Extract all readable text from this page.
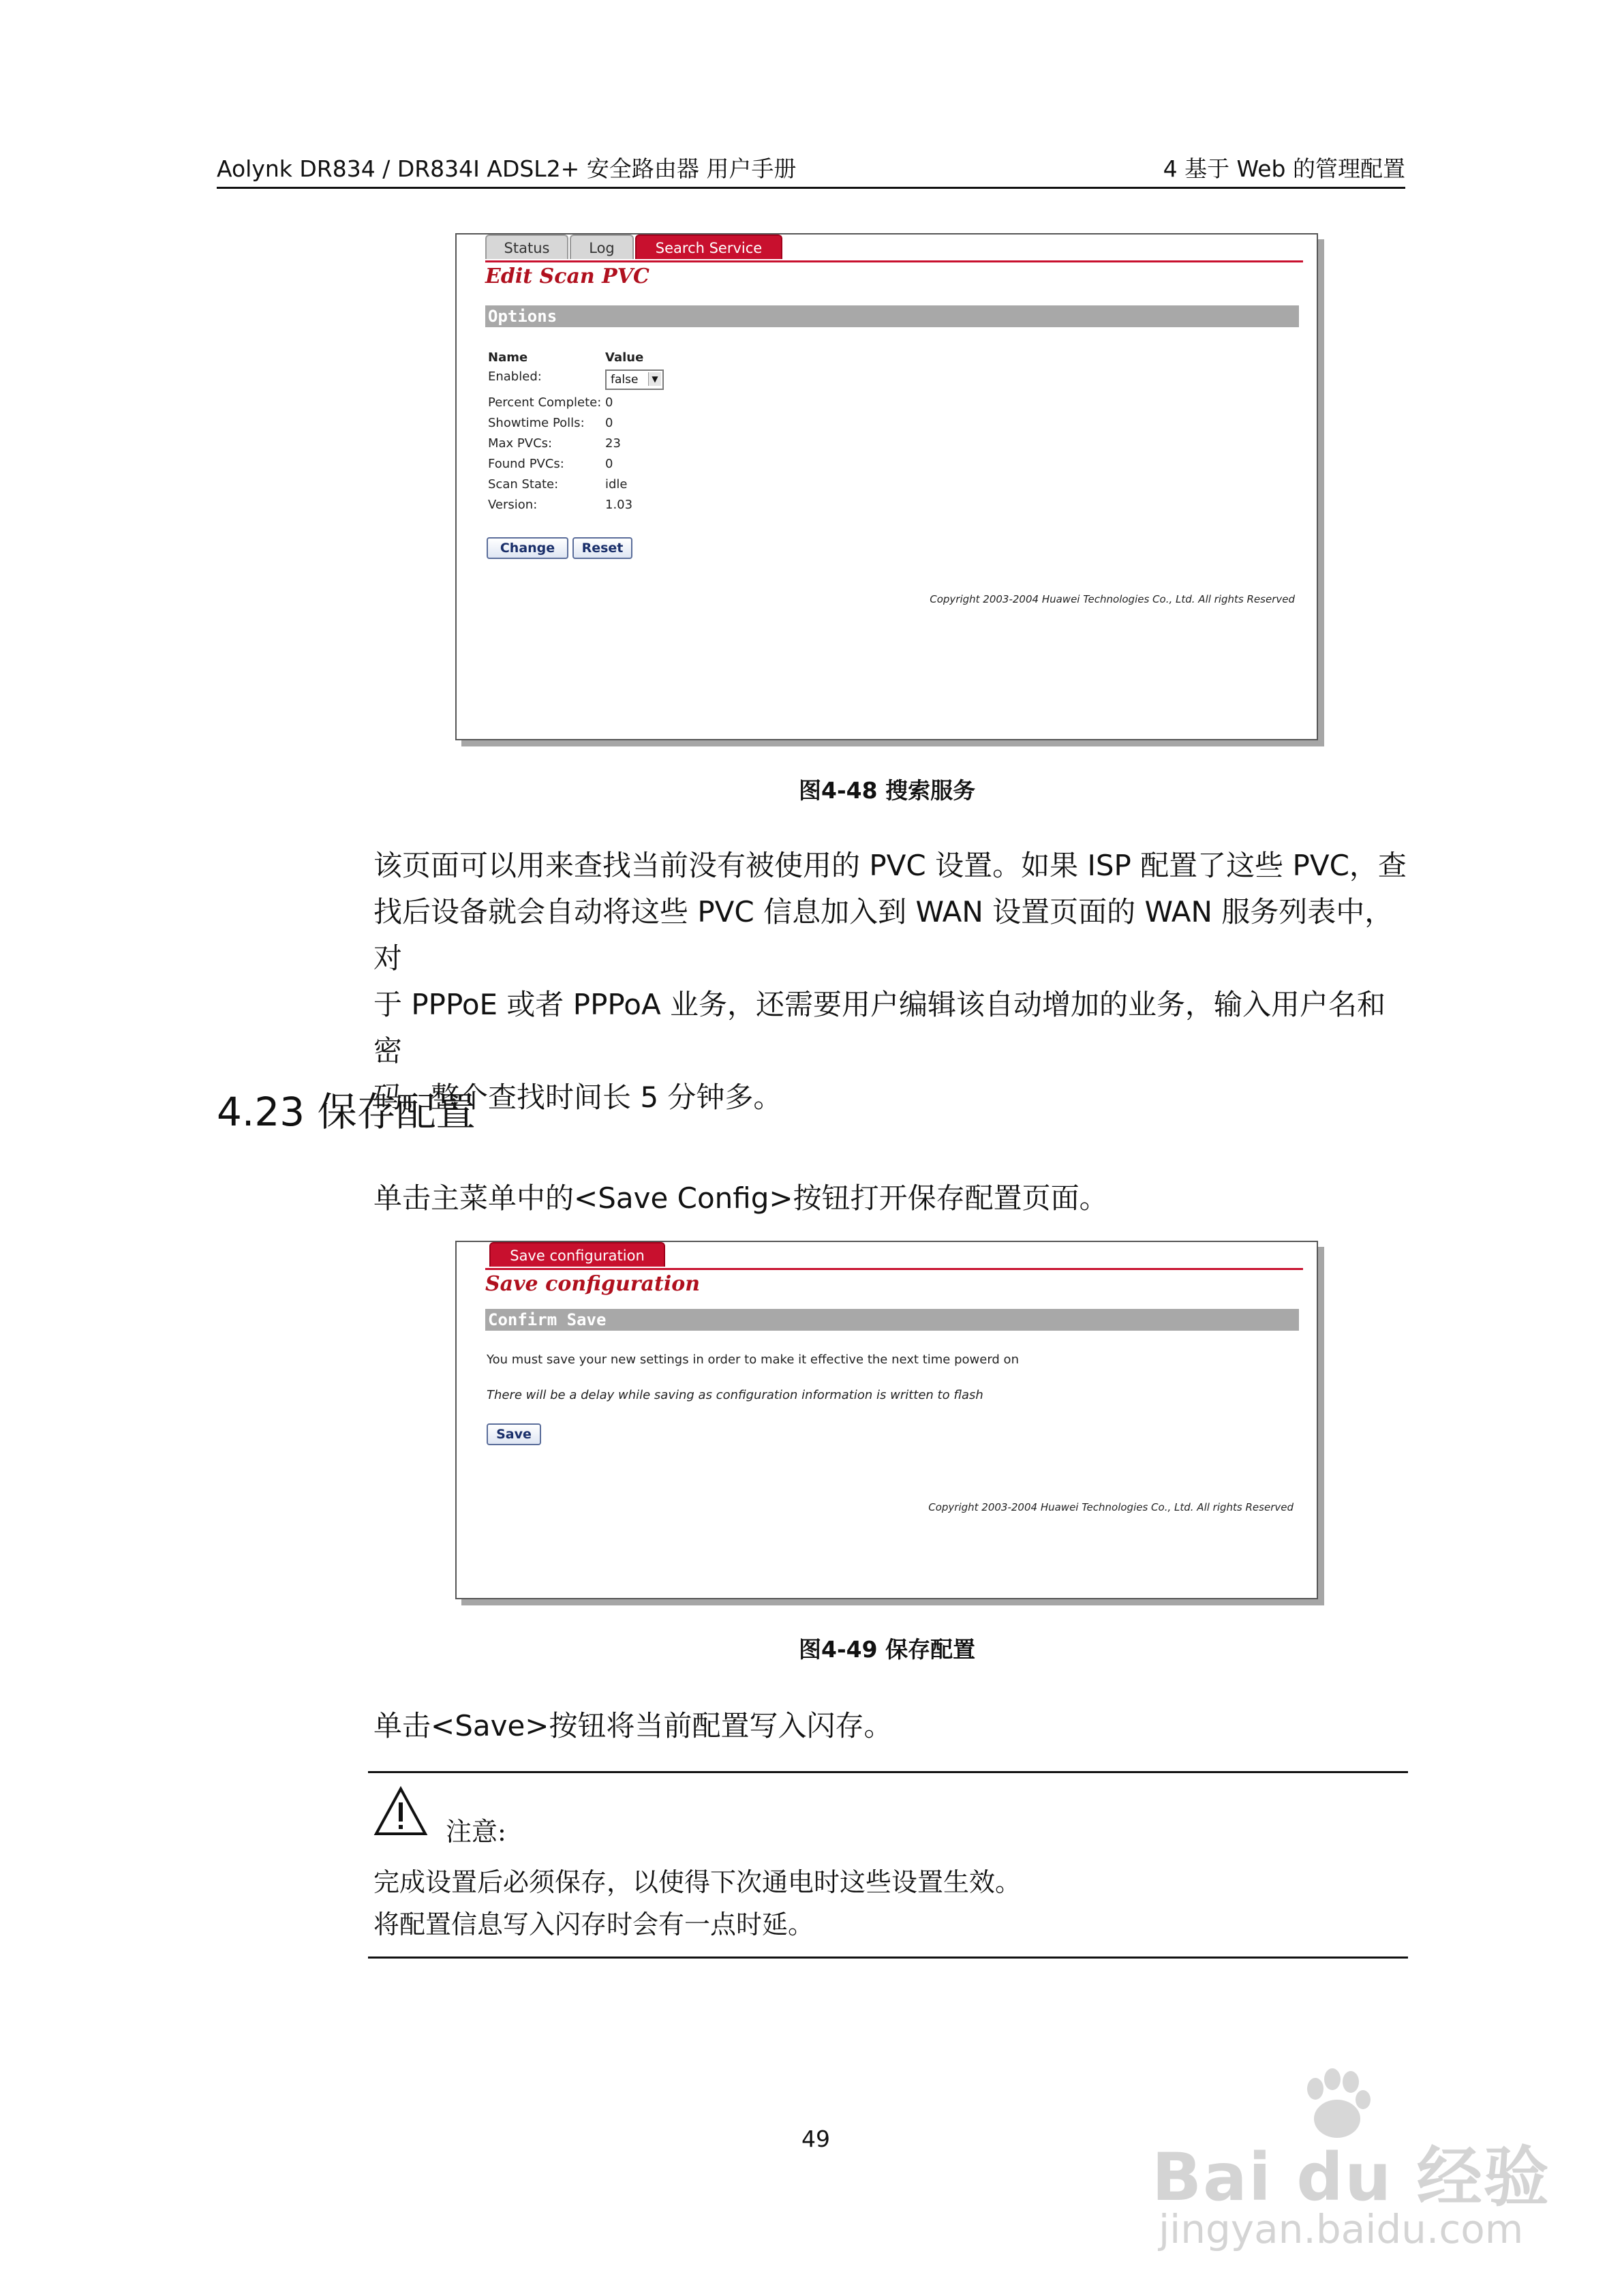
Aolynk DR834 / DR834I ADSL2+ 安全路由器 用户手册	4 基于 Web 的管理配置
Status	Log	Search Service
Edit Scan PVC
Options
Name	Value
Enabled:	false	▼
Percent Complete: 0
Showtime Polls: 0
Max PVCs:	23
Found PVCs:	0
Scan State:	idle
Version:	1.03
Change	Reset
Copyright 2003-2004 Huawei Technologies Co., Ltd. All rights Reserved
图4-48 搜索服务
该页面可以用来查找当前没有被使用的 PVC 设置。如果 ISP 配置了这些 PVC，查
找后设备就会自动将这些 PVC 信息加入到 WAN 设置页面的 WAN 服务列表中，对
于 PPPoE 或者 PPPoA 业务，还需要用户编辑该自动增加的业务，输入用户名和密
码。整个查找时间长 5 分钟多。
4.23 保存配置
单击主菜单中的<Save Config>按钮打开保存配置页面。
Save configuration
Save configuration
Confirm Save
You must save your new settings in order to make it effective the next time powerd on
There will be a delay while saving as configuration information is written to flash
Save
Copyright 2003-2004 Huawei Technologies Co., Ltd. All rights Reserved
图4-49 保存配置
单击<Save>按钮将当前配置写入闪存。
注意:
完成设置后必须保存，以使得下次通电时这些设置生效。
将配置信息写入闪存时会有一点时延。
49
Bai du 经验
jingyan.baidu.com
